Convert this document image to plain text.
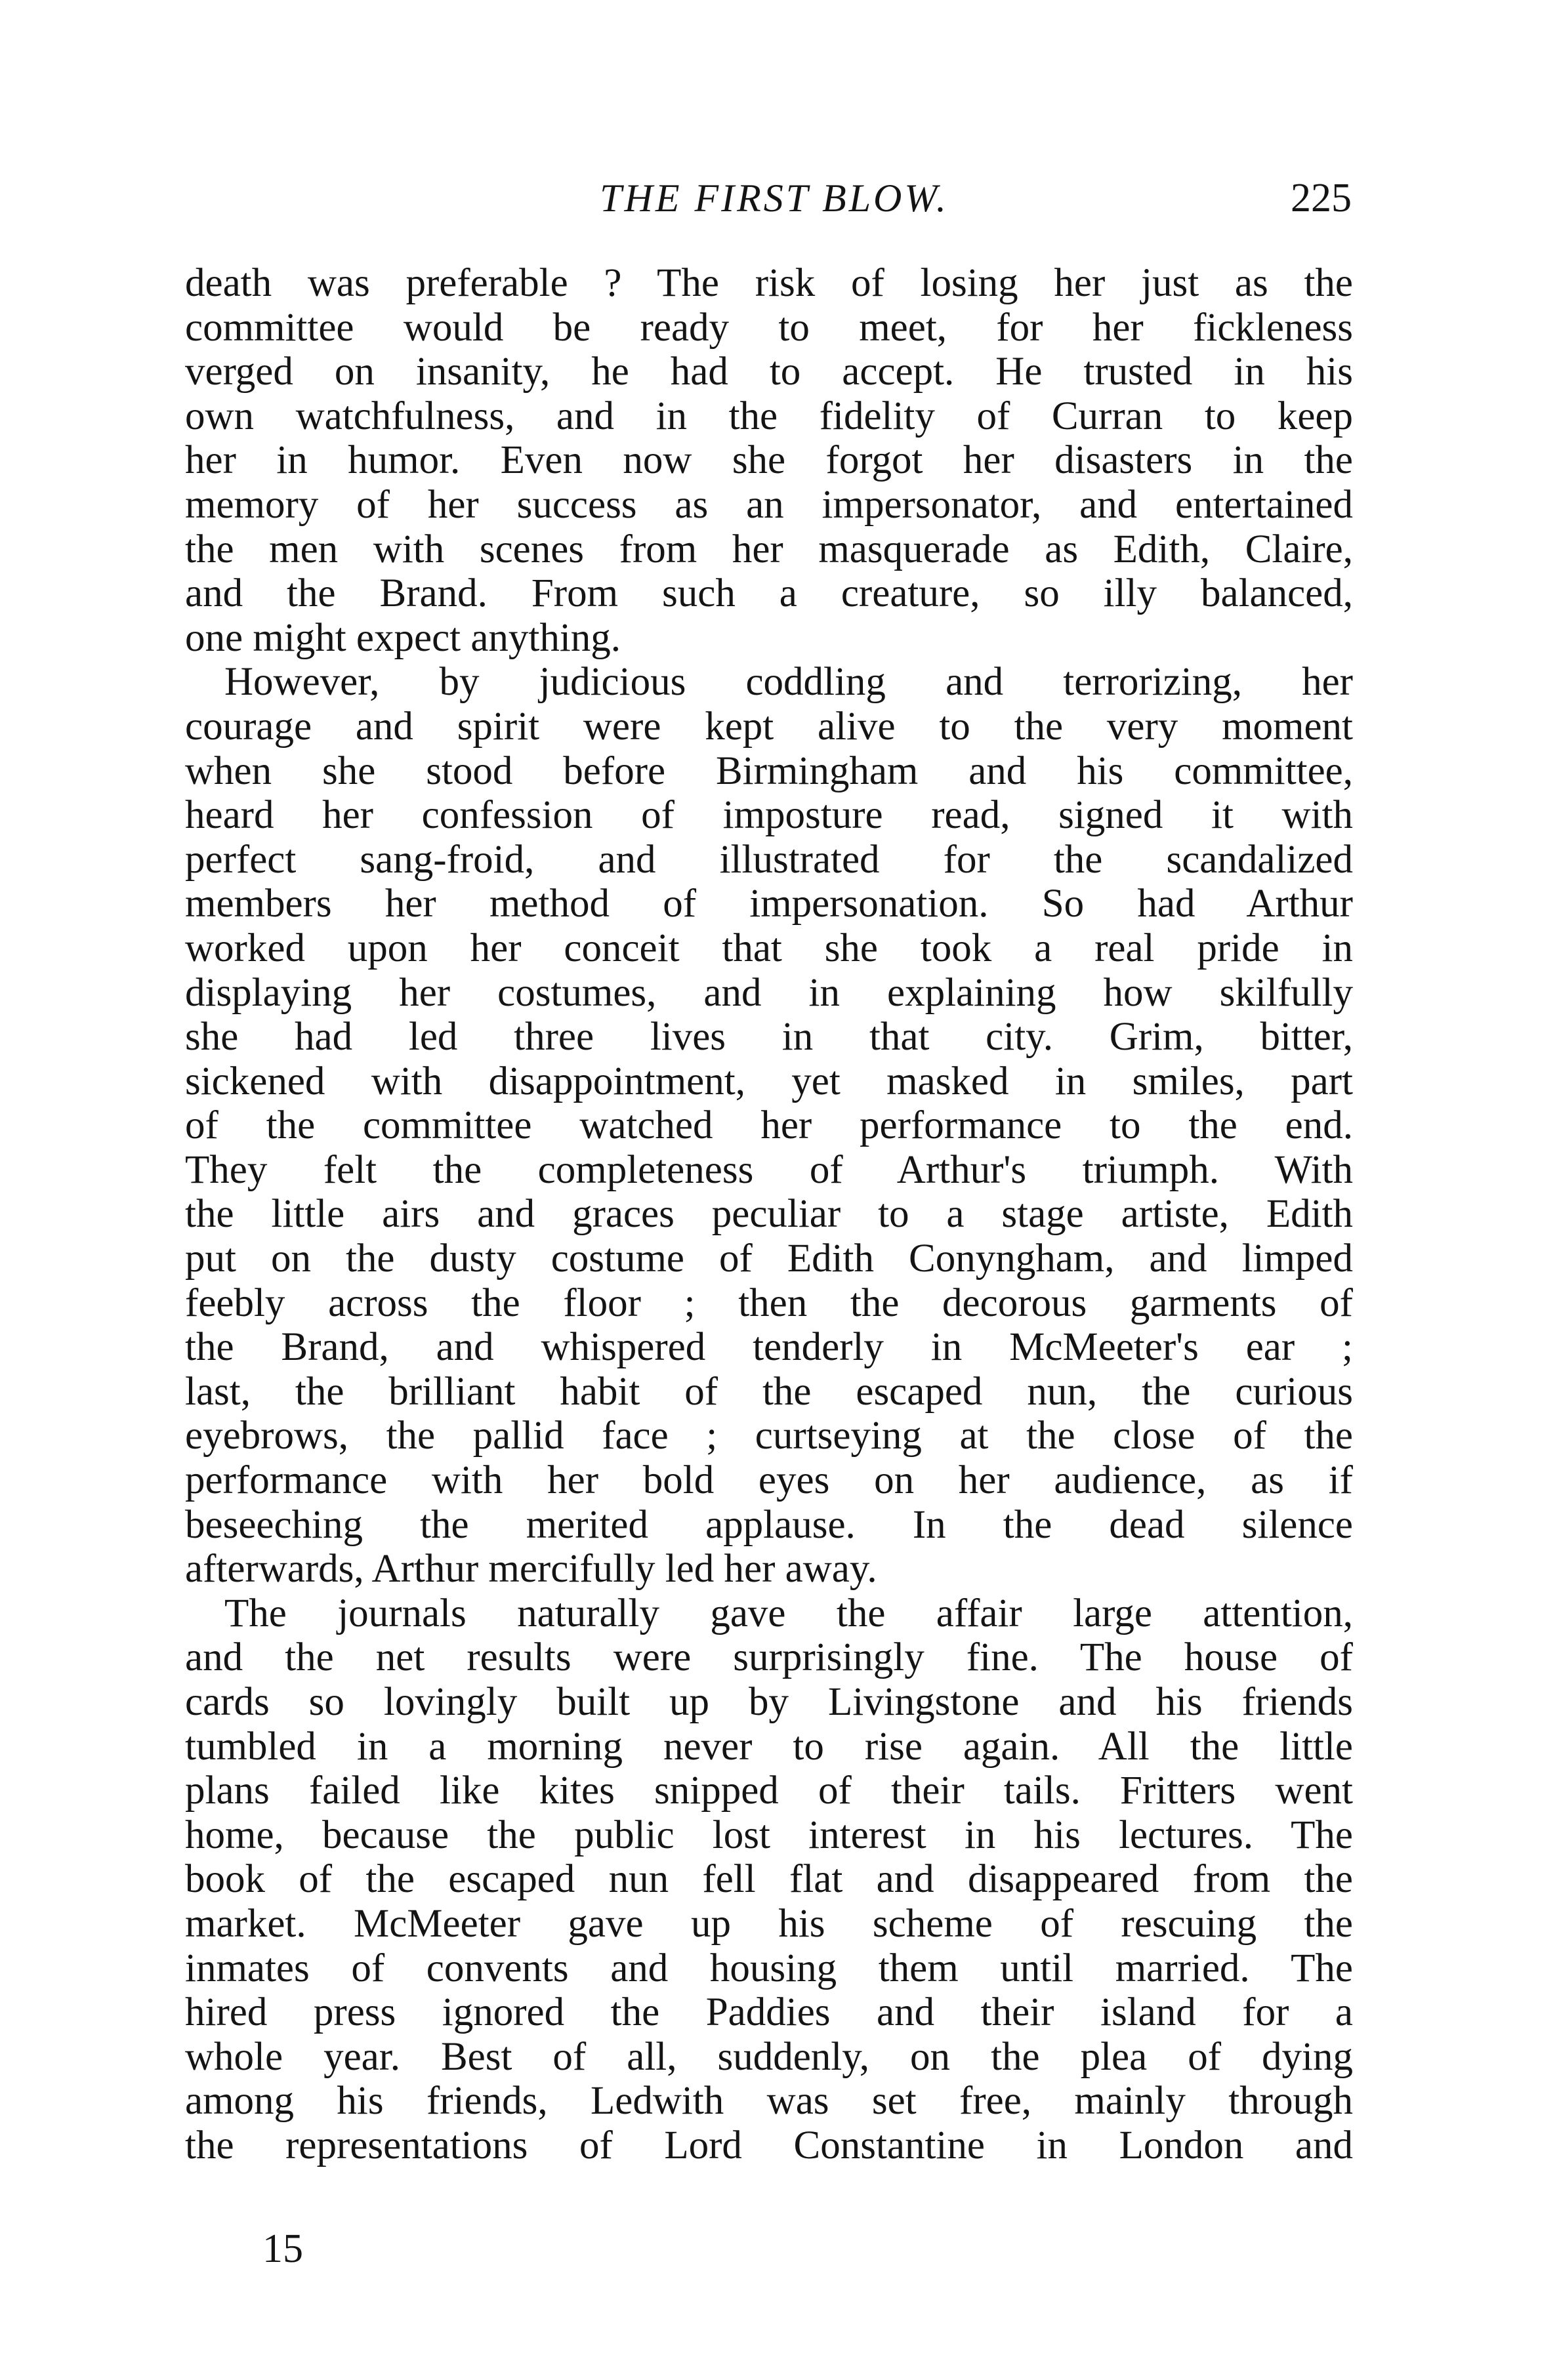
THE FIRST BLOW.	225
death was preferable ? The risk of losing her just as the
committee would be ready to meet, for her fickleness
verged on insanity, he had to accept. He trusted in his
own watchfulness, and in the fidelity of Curran to keep
her in humor. Even now she forgot her disasters in the
memory of her success as an impersonator, and entertained
the men with scenes from her masquerade as Edith, Claire,
and the Brand. From such a creature, so illy balanced,
one might expect anything.
However, by judicious coddling and terrorizing, her
courage and spirit were kept alive to the very moment
when she stood before Birmingham and his committee,
heard her confession of imposture read, signed it with
perfect sang-froid, and illustrated for the scandalized
members her method of impersonation. So had Arthur
worked upon her conceit that she took a real pride in
displaying her costumes, and in explaining how skilfully
she had led three lives in that city. Grim, bitter,
sickened with disappointment, yet masked in smiles, part
of the committee watched her performance to the end.
They felt the completeness of Arthur's triumph. With
the little airs and graces peculiar to a stage artiste, Edith
put on the dusty costume of Edith Conyngham, and limped
feebly across the floor ; then the decorous garments of
the Brand, and whispered tenderly in McMeeter's ear ;
last, the brilliant habit of the escaped nun, the curious
eyebrows, the pallid face ; curtseying at the close of the
performance with her bold eyes on her audience, as if
beseeching the merited applause. In the dead silence
afterwards, Arthur mercifully led her away.
The journals naturally gave the affair large attention,
and the net results were surprisingly fine. The house of
cards so lovingly built up by Livingstone and his friends
tumbled in a morning never to rise again. All the little
plans failed like kites snipped of their tails. Fritters went
home, because the public lost interest in his lectures. The
book of the escaped nun fell flat and disappeared from the
market. McMeeter gave up his scheme of rescuing the
inmates of convents and housing them until married. The
hired press ignored the Paddies and their island for a
whole year. Best of all, suddenly, on the plea of dying
among his friends, Ledwith was set free, mainly through
the representations of Lord Constantine in London and
15
